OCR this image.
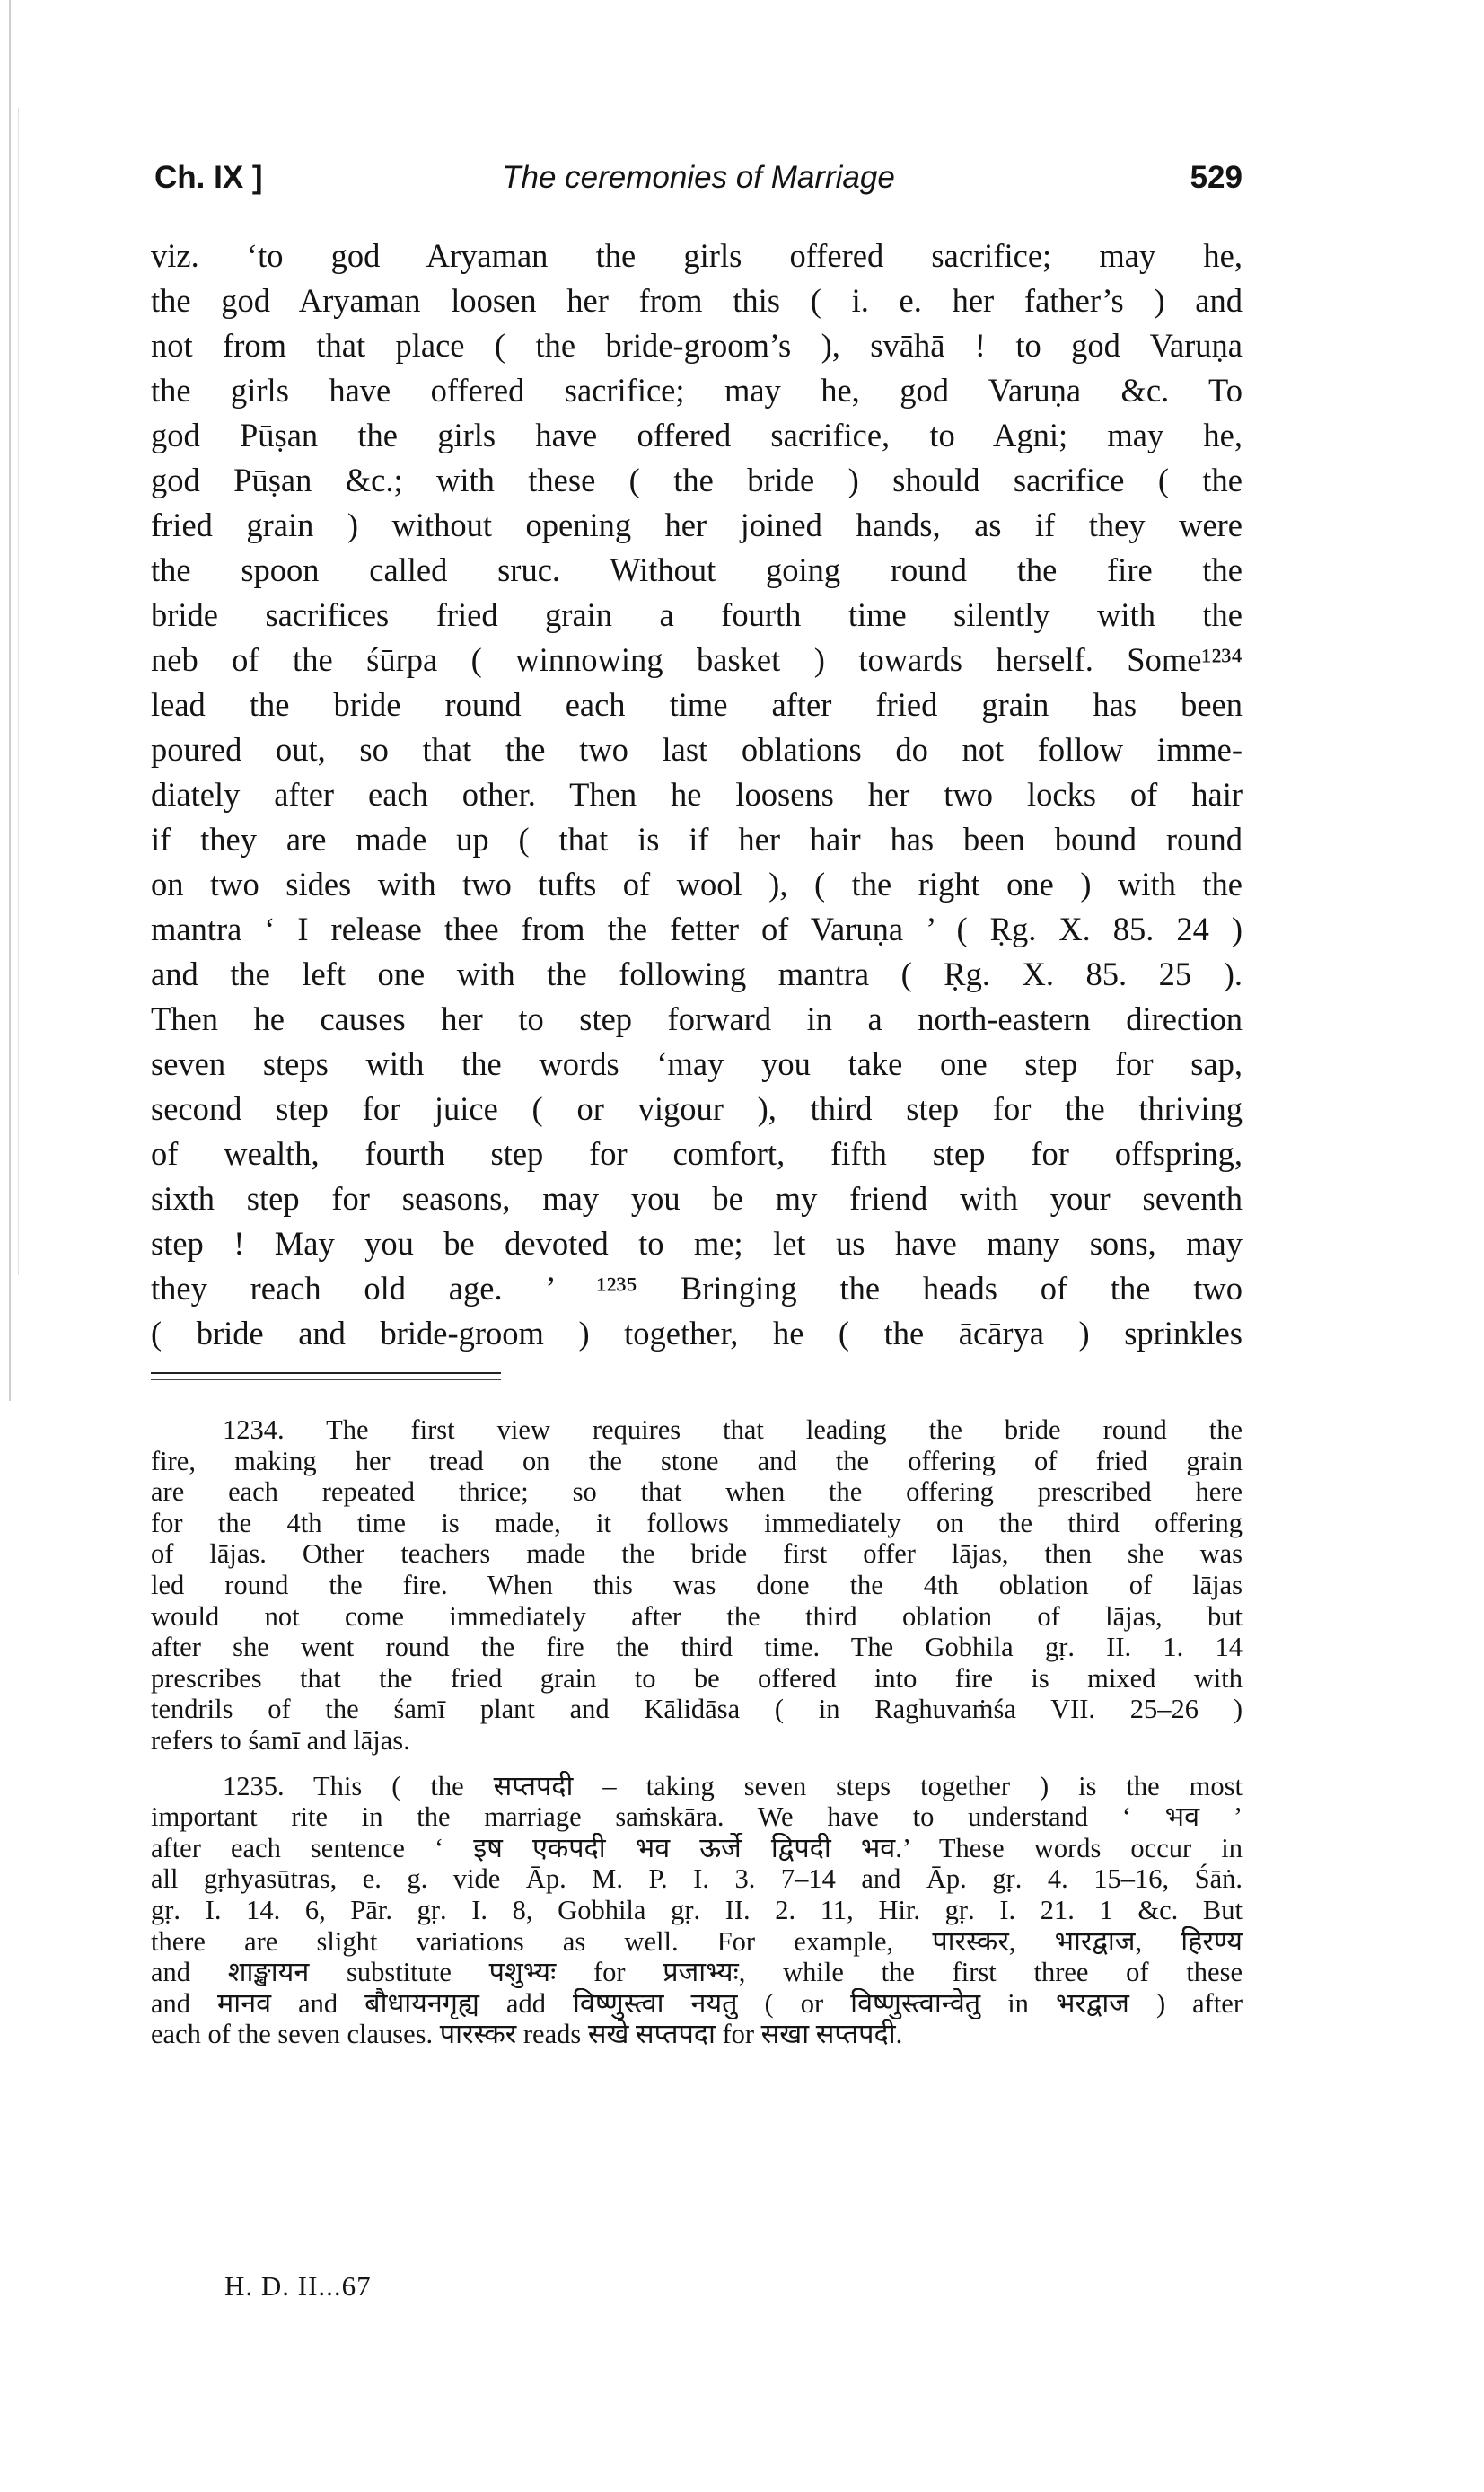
Ch. IX ]	The ceremonies of Marriage	529
viz. ‘to god Aryaman the girls offered sacrifice; may he,
the god Aryaman loosen her from this ( i. e. her father’s ) and
not from that place ( the bride-groom’s ), svāhā ! to god Varuṇa
the girls have offered sacrifice; may he, god Varuṇa &c. To
god Pūṣan the girls have offered sacrifice, to Agni; may he,
god Pūṣan &c.; with these ( the bride ) should sacrifice ( the
fried grain ) without opening her joined hands, as if they were
the spoon called sruc. Without going round the fire the
bride sacrifices fried grain a fourth time silently with the
neb of the śūrpa ( winnowing basket ) towards herself. Some¹²³⁴
lead the bride round each time after fried grain has been
poured out, so that the two last oblations do not follow imme-
diately after each other. Then he loosens her two locks of hair
if they are made up ( that is if her hair has been bound round
on two sides with two tufts of wool ), ( the right one ) with the
mantra ‘ I release thee from the fetter of Varuṇa ’ ( Ṛg. X. 85. 24 )
and the left one with the following mantra ( Ṛg. X. 85. 25 ).
Then he causes her to step forward in a north-eastern direction
seven steps with the words ‘may you take one step for sap,
second step for juice ( or vigour ), third step for the thriving
of wealth, fourth step for comfort, fifth step for offspring,
sixth step for seasons, may you be my friend with your seventh
step ! May you be devoted to me; let us have many sons, may
they reach old age. ’ ¹²³⁵ Bringing the heads of the two
( bride and bride-groom ) together, he ( the ācārya ) sprinkles
1234. The first view requires that leading the bride round the
fire, making her tread on the stone and the offering of fried grain
are each repeated thrice; so that when the offering prescribed here
for the 4th time is made, it follows immediately on the third offering
of lājas. Other teachers made the bride first offer lājas, then she was
led round the fire. When this was done the 4th oblation of lājas
would not come immediately after the third oblation of lājas, but
after she went round the fire the third time. The Gobhila gṛ. II. 1. 14
prescribes that the fried grain to be offered into fire is mixed with
tendrils of the śamī plant and Kālidāsa ( in Raghuvaṁśa VII. 25–26 )
refers to śamī and lājas.
1235. This ( the सप्तपदी – taking seven steps together ) is the most
important rite in the marriage saṁskāra. We have to understand ‘ भव ’
after each sentence ‘ इष एकपदी भव ऊर्जे द्विपदी भव.’ These words occur in
all gṛhyasūtras, e. g. vide Āp. M. P. I. 3. 7–14 and Āp. gṛ. 4. 15–16, Śāṅ.
gṛ. I. 14. 6, Pār. gṛ. I. 8, Gobhila gṛ. II. 2. 11, Hir. gṛ. I. 21. 1 &c. But
there are slight variations as well. For example, पारस्कर, भारद्वाज, हिरण्य
and शाङ्खायन substitute पशुभ्यः for प्रजाभ्यः, while the first three of these
and मानव and बौधायनगृह्य add विष्णुस्त्वा नयतु ( or विष्णुस्त्वान्वेतु in भरद्वाज ) after
each of the seven clauses. पारस्कर reads सखे सप्तपदा for सखा सप्तपदी.
H. D. II...67
